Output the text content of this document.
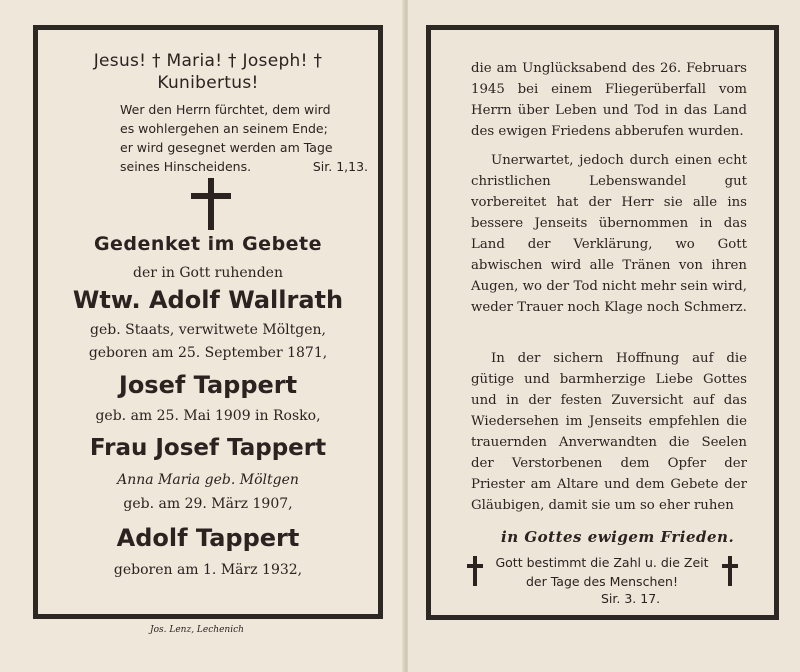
Jesus! † Maria! † Joseph! †
Kunibertus!
Wer den Herrn fürchtet, dem wird
es wohlergehen an seinem Ende;
er wird gesegnet werden am Tage
seines Hinscheidens.	Sir. 1,13.
Gedenket im Gebete
der in Gott ruhenden
Wtw. Adolf Wallrath
geb. Staats, verwitwete Möltgen,
geboren am 25. September 1871,
Josef Tappert
geb. am 25. Mai 1909 in Rosko,
Frau Josef Tappert
Anna Maria geb. Möltgen
geb. am 29. März 1907,
Adolf Tappert
geboren am 1. März 1932,
Jos. Lenz, Lechenich
die am Unglücksabend des 26. Februars 1945 bei einem Fliegerüberfall vom Herrn über Leben und Tod in das Land des ewigen Friedens abberufen wurden.
Unerwartet, jedoch durch einen echt christlichen Lebenswandel gut vorbereitet hat der Herr sie alle ins bessere Jenseits übernommen in das Land der Verklärung, wo Gott abwischen wird alle Tränen von ihren Augen, wo der Tod nicht mehr sein wird, weder Trauer noch Klage noch Schmerz.
In der sichern Hoffnung auf die gütige und barmherzige Liebe Gottes und in der festen Zuversicht auf das Wiedersehen im Jenseits empfehlen die trauernden Anverwandten die Seelen der Verstorbenen dem Opfer der Priester am Altare und dem Gebete der Gläubigen, damit sie um so eher ruhen
in Gottes ewigem Frieden.
Gott bestimmt die Zahl u. die Zeit der Tage des Menschen!
Sir. 3. 17.
